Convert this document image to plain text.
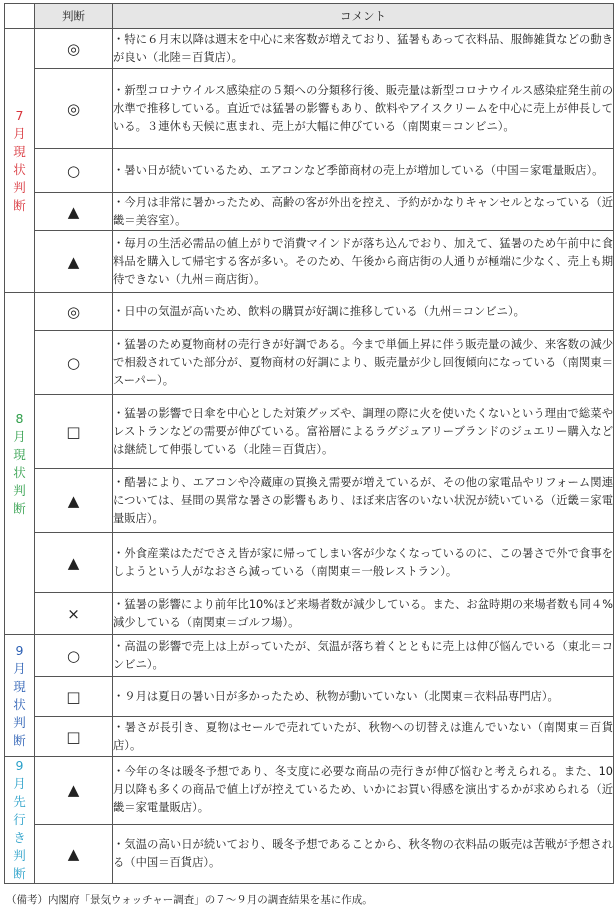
	判断	コメント
7月現状判断	◎	・特に６月末以降は週末を中心に来客数が増えており、猛暑もあって衣料品、服飾雑貨などの動きが良い（北陸＝百貨店）。
	◎	・新型コロナウイルス感染症の５類への分類移行後、販売量は新型コロナウイルス感染症発生前の水準で推移している。直近では猛暑の影響もあり、飲料やアイスクリームを中心に売上が伸長している。３連休も天候に恵まれ、売上が大幅に伸びている（南関東＝コンビニ）。
	○	・暑い日が続いているため、エアコンなど季節商材の売上が増加している（中国＝家電量販店）。
	▲	・今月は非常に暑かったため、高齢の客が外出を控え、予約がかなりキャンセルとなっている（近畿＝美容室）。
	▲	・毎月の生活必需品の値上がりで消費マインドが落ち込んでおり、加えて、猛暑のため午前中に食料品を購入して帰宅する客が多い。そのため、午後から商店街の人通りが極端に少なく、売上も期待できない（九州＝商店街）。
8月現状判断	◎	・日中の気温が高いため、飲料の購買が好調に推移している（九州＝コンビニ）。
	○	・猛暑のため夏物商材の売行きが好調である。今まで単価上昇に伴う販売量の減少、来客数の減少で相殺されていた部分が、夏物商材の好調により、販売量が少し回復傾向になっている（南関東＝スーパー）。
	□	・猛暑の影響で日傘を中心とした対策グッズや、調理の際に火を使いたくないという理由で総菜やレストランなどの需要が伸びている。富裕層によるラグジュアリーブランドのジュエリー購入などは継続して伸張している（北陸＝百貨店）。
	▲	・酷暑により、エアコンや冷蔵庫の買換え需要が増えているが、その他の家電品やリフォーム関連については、昼間の異常な暑さの影響もあり、ほぼ来店客のいない状況が続いている（近畿＝家電量販店）。
	▲	・外食産業はただでさえ皆が家に帰ってしまい客が少なくなっているのに、この暑さで外で食事をしようという人がなおさら減っている（南関東＝一般レストラン）。
	×	・猛暑の影響により前年比10%ほど来場者数が減少している。また、お盆時期の来場者数も同４%減少している（南関東＝ゴルフ場）。
9月現状判断	○	・高温の影響で売上は上がっていたが、気温が落ち着くとともに売上は伸び悩んでいる（東北＝コンビニ）。
	□	・９月は夏日の暑い日が多かったため、秋物が動いていない（北関東＝衣料品専門店）。
	□	・暑さが長引き、夏物はセールで売れていたが、秋物への切替えは進んでいない（南関東＝百貨店）。
9月先行き判断	▲	・今年の冬は暖冬予想であり、冬支度に必要な商品の売行きが伸び悩むと考えられる。また、10月以降も多くの商品で値上げが控えているため、いかにお買い得感を演出するかが求められる（近畿＝家電量販店）。
	▲	・気温の高い日が続いており、暖冬予想であることから、秋冬物の衣料品の販売は苦戦が予想される（中国＝百貨店）。
（備考）内閣府「景気ウォッチャー調査」の７～９月の調査結果を基に作成。
